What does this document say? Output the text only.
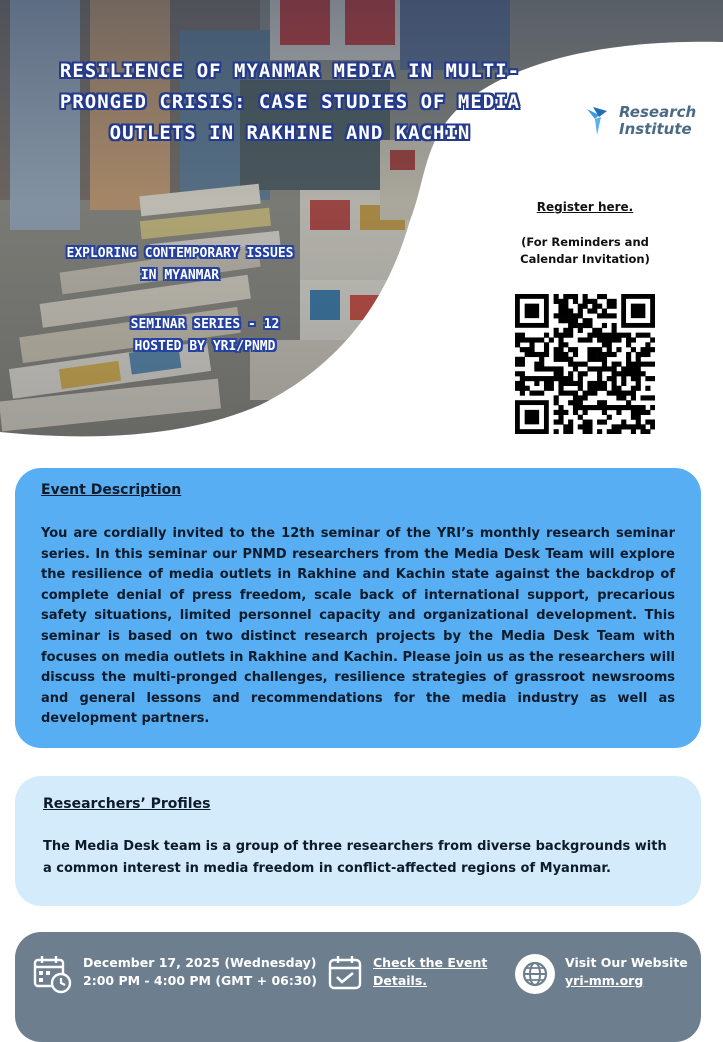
RESILIENCE OF MYANMAR MEDIA IN MULTI-PRONGED CRISIS: CASE STUDIES OF MEDIA OUTLETS IN RAKHINE AND KACHIN
EXPLORING CONTEMPORARY ISSUES
IN MYANMAR
SEMINAR SERIES - 12
HOSTED BY YRI/PNMD
Research
Institute
Register here.
(For Reminders and
Calendar Invitation)
Event Description

You are cordially invited to the 12th seminar of the YRI’s monthly research seminar series. In this seminar our PNMD researchers from the Media Desk Team will explore the resilience of media outlets in Rakhine and Kachin state against the backdrop of complete denial of press freedom, scale back of international support, precarious safety situations, limited personnel capacity and organizational development. This seminar is based on two distinct research projects by the Media Desk Team with focuses on media outlets in Rakhine and Kachin. Please join us as the researchers will discuss the multi-pronged challenges, resilience strategies of grassroot newsrooms and general lessons and recommendations for the media industry as well as development partners.

Researchers’ Profiles

The Media Desk team is a group of three researchers from diverse backgrounds with a common interest in media freedom in conflict-affected regions of Myanmar.

December 17, 2025 (Wednesday)
2:00 PM - 4:00 PM (GMT + 06:30)
Check the Event
Details.
Visit Our Website
yri-mm.org
